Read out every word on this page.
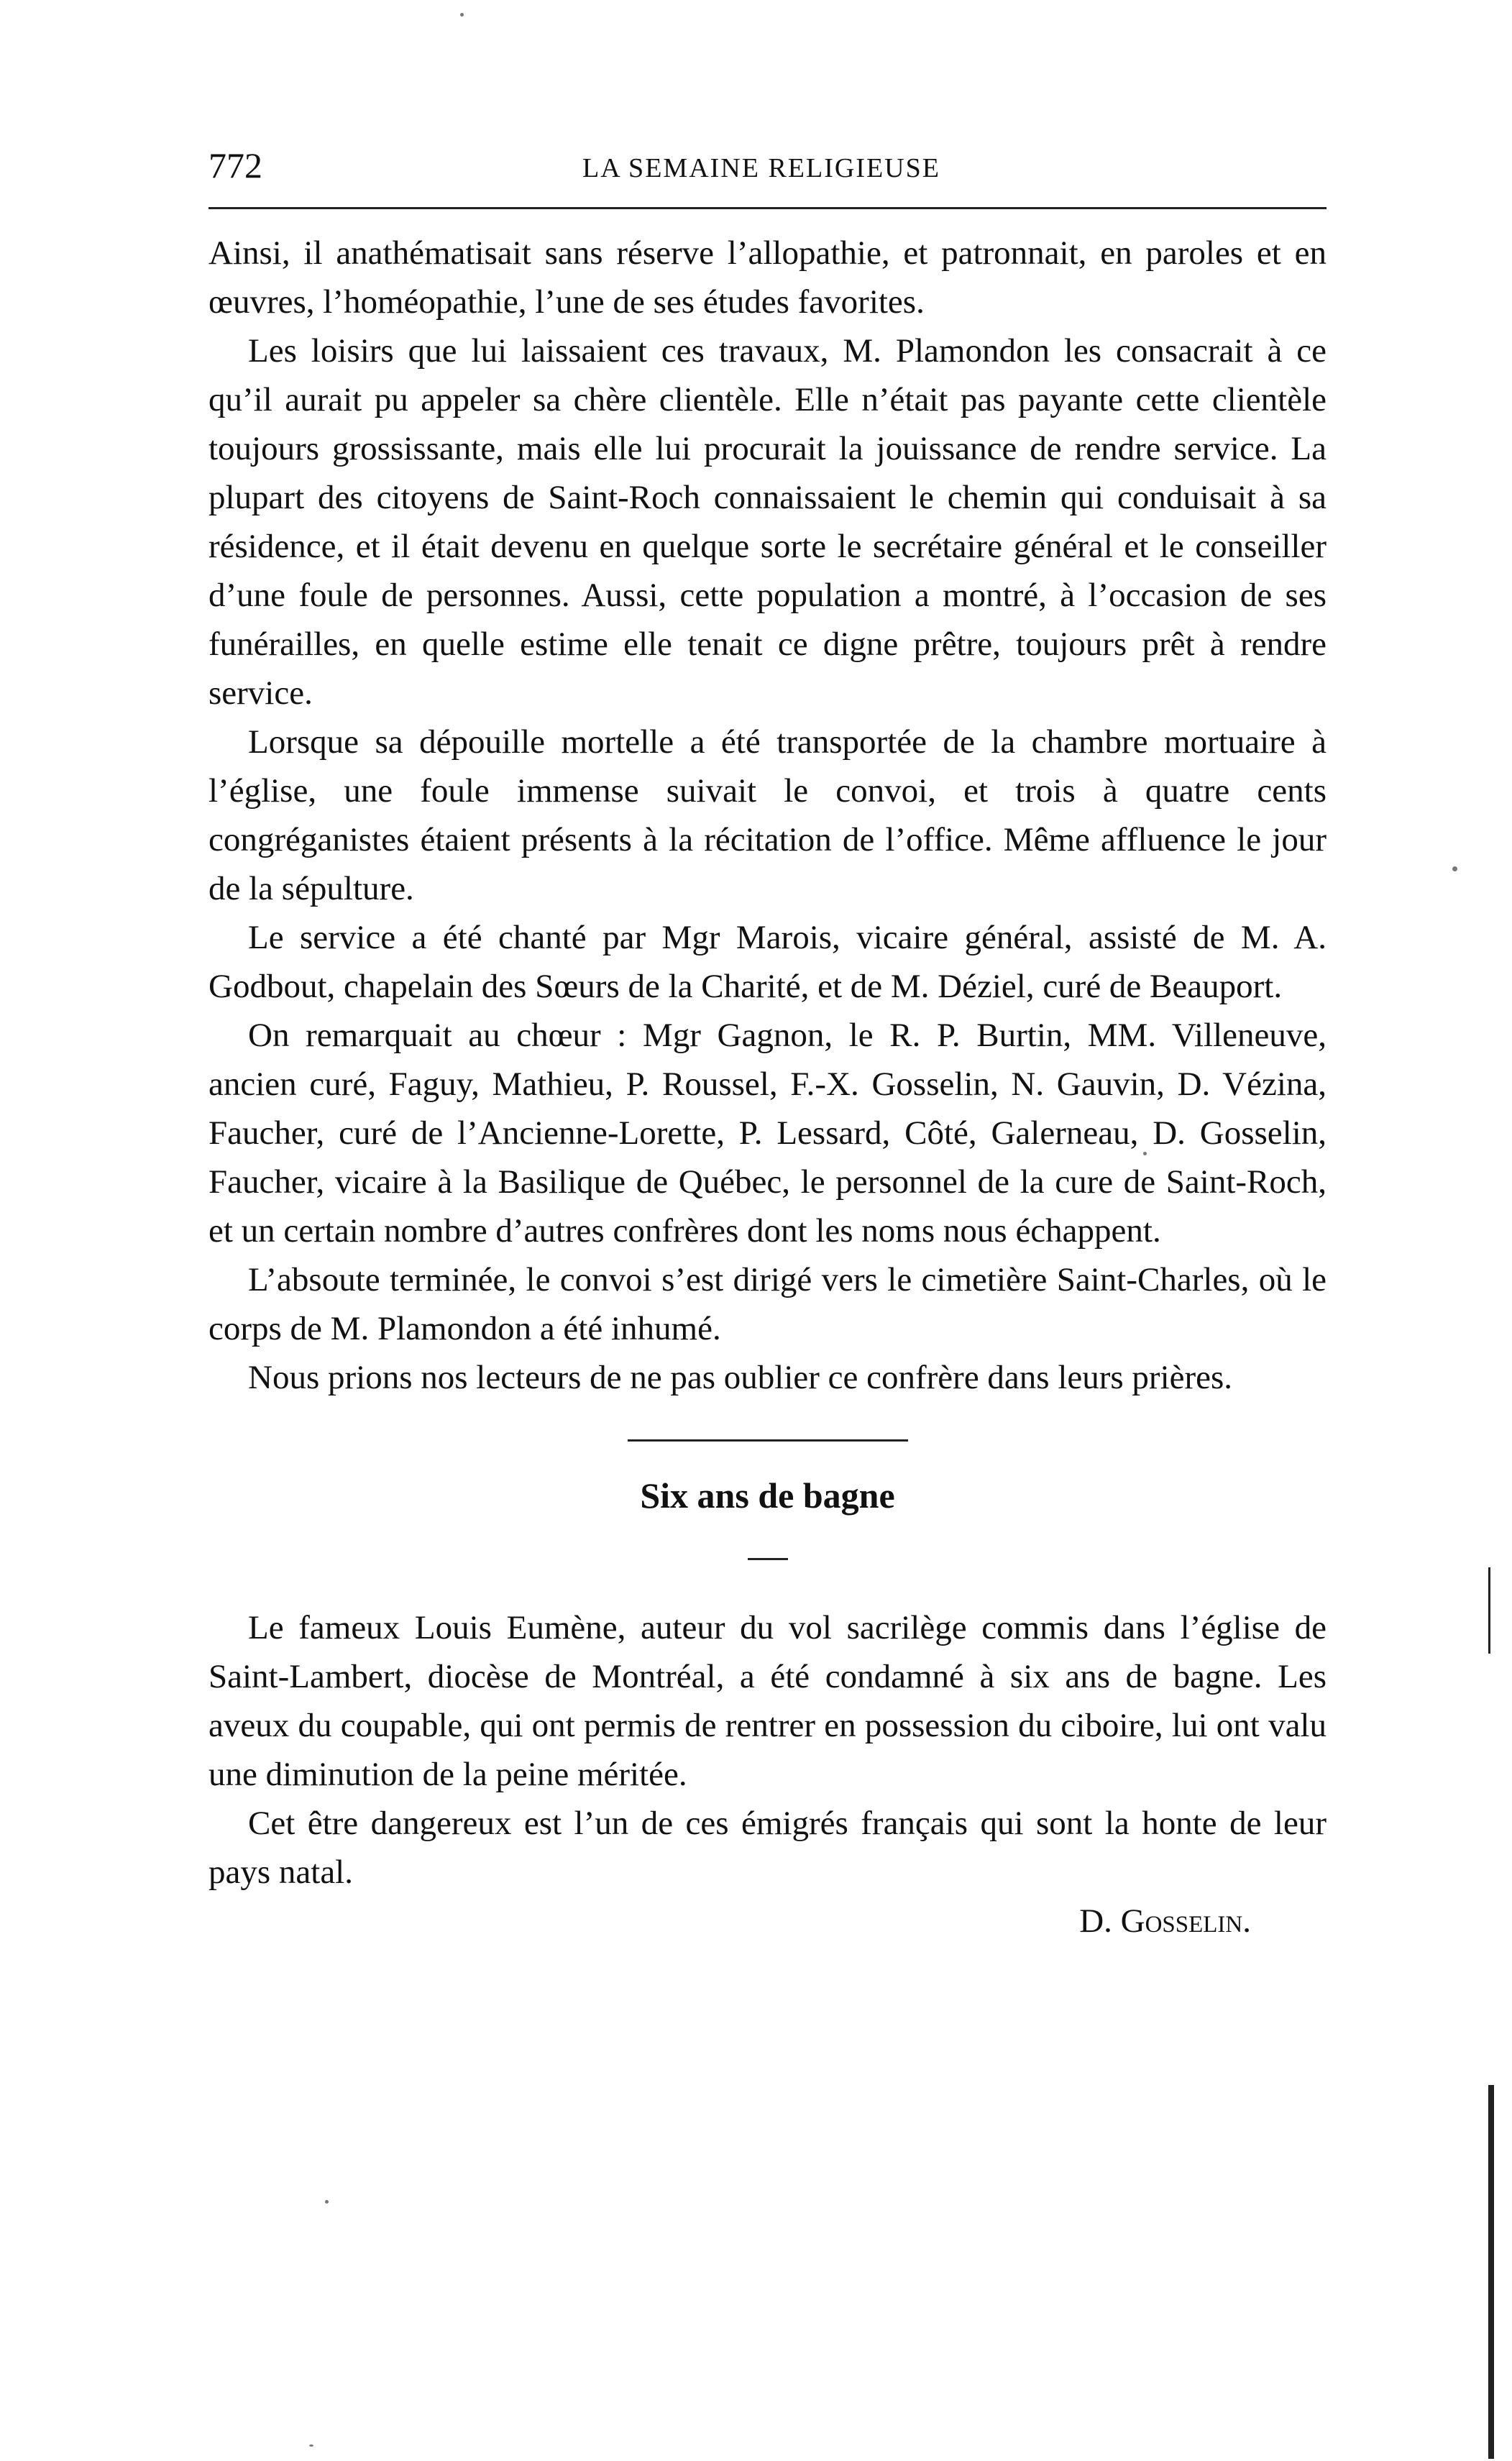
772	LA SEMAINE RELIGIEUSE

Ainsi, il anathématisait sans réserve l’allopathie, et patronnait, en paroles et en œuvres, l’homéopathie, l’une de ses études favorites.

Les loisirs que lui laissaient ces travaux, M. Plamondon les consacrait à ce qu’il aurait pu appeler sa chère clientèle. Elle n’était pas payante cette clientèle toujours grossissante, mais elle lui procurait la jouissance de rendre service. La plupart des citoyens de Saint-Roch connaissaient le chemin qui conduisait à sa résidence, et il était devenu en quelque sorte le secrétaire général et le conseiller d’une foule de personnes. Aussi, cette population a montré, à l’occasion de ses funérailles, en quelle estime elle tenait ce digne prêtre, toujours prêt à rendre service.

Lorsque sa dépouille mortelle a été transportée de la chambre mortuaire à l’église, une foule immense suivait le convoi, et trois à quatre cents congréganistes étaient présents à la récitation de l’office. Même affluence le jour de la sépulture.

Le service a été chanté par Mgr Marois, vicaire général, assisté de M. A. Godbout, chapelain des Sœurs de la Charité, et de M. Déziel, curé de Beauport.

On remarquait au chœur : Mgr Gagnon, le R. P. Burtin, MM. Villeneuve, ancien curé, Faguy, Mathieu, P. Roussel, F.-X. Gosselin, N. Gauvin, D. Vézina, Faucher, curé de l’Ancienne-Lorette, P. Lessard, Côté, Galerneau, D. Gosselin, Faucher, vicaire à la Basilique de Québec, le personnel de la cure de Saint-Roch, et un certain nombre d’autres confrères dont les noms nous échappent.

L’absoute terminée, le convoi s’est dirigé vers le cimetière Saint-Charles, où le corps de M. Plamondon a été inhumé.

Nous prions nos lecteurs de ne pas oublier ce confrère dans leurs prières.

Six ans de bagne

Le fameux Louis Eumène, auteur du vol sacrilège commis dans l’église de Saint-Lambert, diocèse de Montréal, a été condamné à six ans de bagne. Les aveux du coupable, qui ont permis de rentrer en possession du ciboire, lui ont valu une diminution de la peine méritée.

Cet être dangereux est l’un de ces émigrés français qui sont la honte de leur pays natal.

D. Gosselin.
